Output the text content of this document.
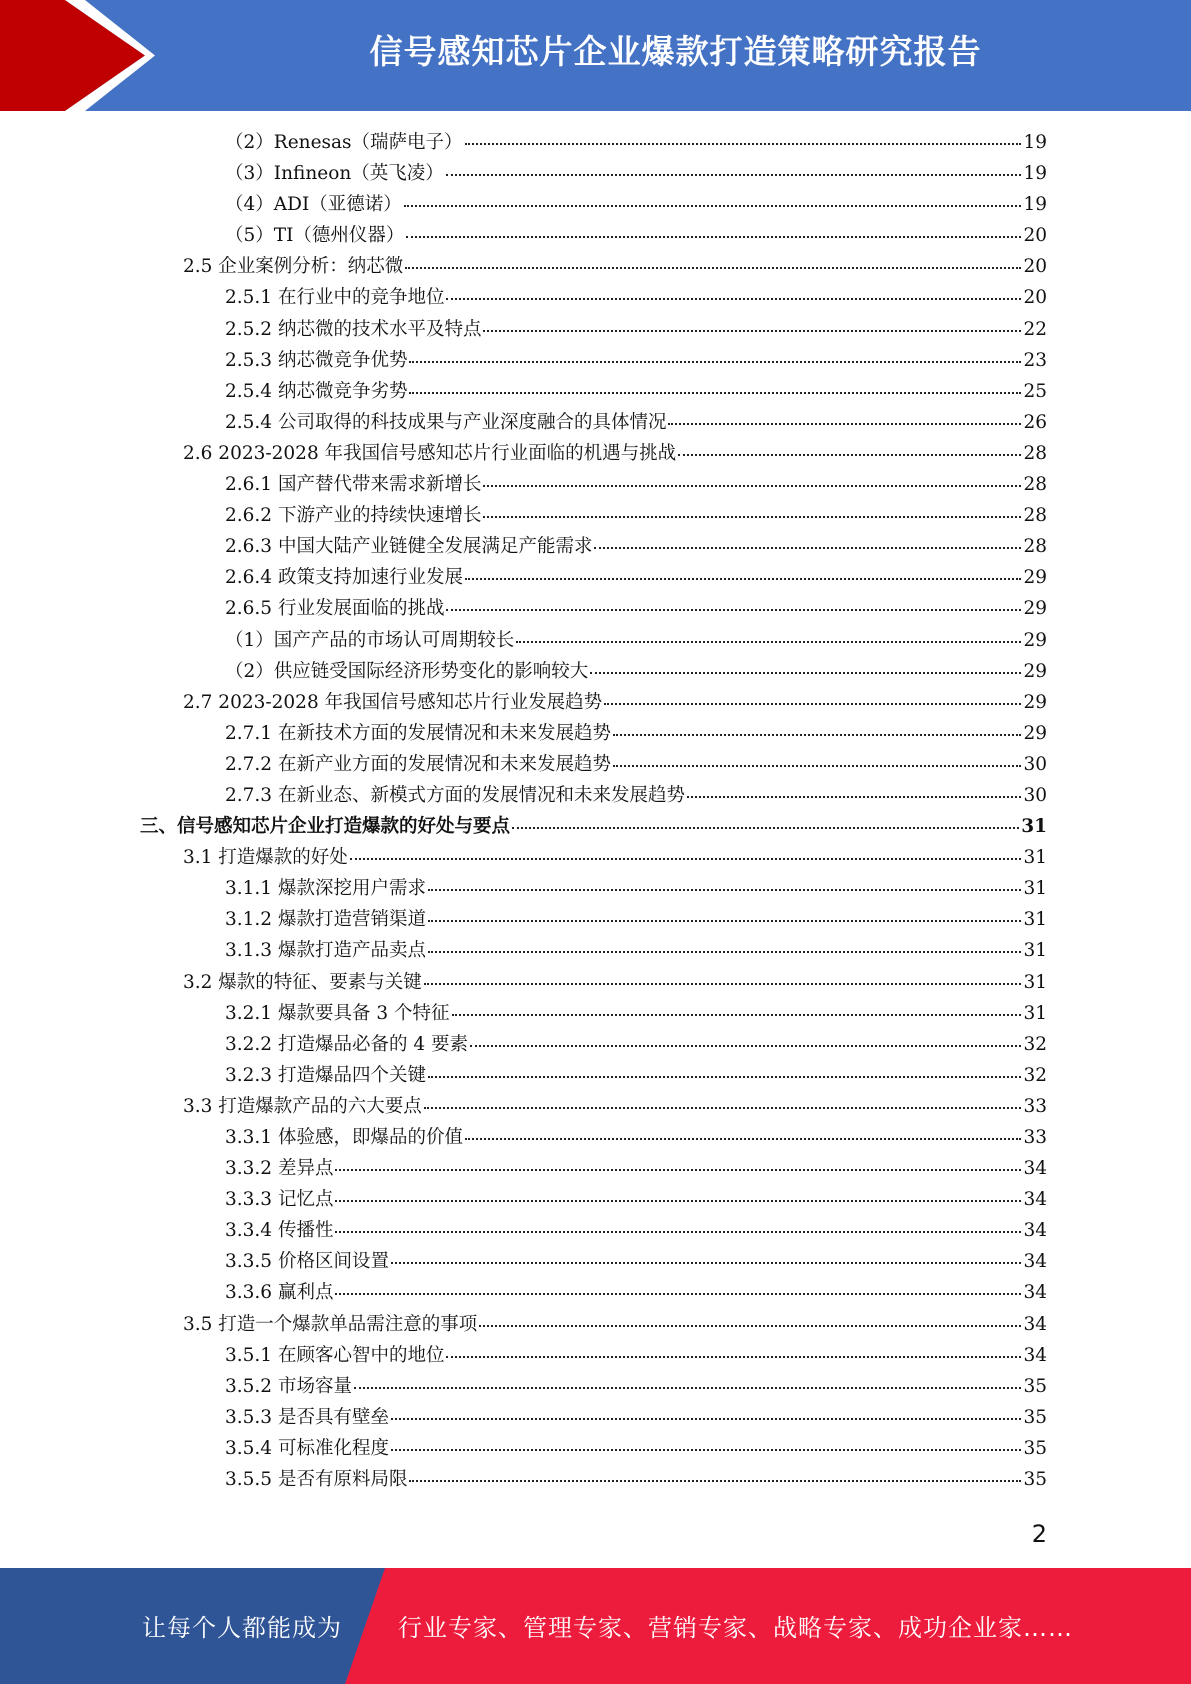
信号感知芯片企业爆款打造策略研究报告
（2）Renesas（瑞萨电子）	19
（3）Infineon（英飞凌）	19
（4）ADI（亚德诺）	19
（5）TI（德州仪器）	20
2.5 企业案例分析：纳芯微	20
2.5.1 在行业中的竞争地位	20
2.5.2 纳芯微的技术水平及特点	22
2.5.3 纳芯微竞争优势	23
2.5.4 纳芯微竞争劣势	25
2.5.4 公司取得的科技成果与产业深度融合的具体情况	26
2.6 2023-2028 年我国信号感知芯片行业面临的机遇与挑战	28
2.6.1 国产替代带来需求新增长	28
2.6.2 下游产业的持续快速增长	28
2.6.3 中国大陆产业链健全发展满足产能需求	28
2.6.4 政策支持加速行业发展	29
2.6.5 行业发展面临的挑战	29
（1）国产产品的市场认可周期较长	29
（2）供应链受国际经济形势变化的影响较大	29
2.7 2023-2028 年我国信号感知芯片行业发展趋势	29
2.7.1 在新技术方面的发展情况和未来发展趋势	29
2.7.2 在新产业方面的发展情况和未来发展趋势	30
2.7.3 在新业态、新模式方面的发展情况和未来发展趋势	30
三、信号感知芯片企业打造爆款的好处与要点	31
3.1 打造爆款的好处	31
3.1.1 爆款深挖用户需求	31
3.1.2 爆款打造营销渠道	31
3.1.3 爆款打造产品卖点	31
3.2 爆款的特征、要素与关键	31
3.2.1 爆款要具备 3 个特征	31
3.2.2 打造爆品必备的 4 要素	32
3.2.3 打造爆品四个关键	32
3.3 打造爆款产品的六大要点	33
3.3.1 体验感，即爆品的价值	33
3.3.2 差异点	34
3.3.3 记忆点	34
3.3.4 传播性	34
3.3.5 价格区间设置	34
3.3.6 赢利点	34
3.5 打造一个爆款单品需注意的事项	34
3.5.1 在顾客心智中的地位	34
3.5.2 市场容量	35
3.5.3 是否具有壁垒	35
3.5.4 可标准化程度	35
3.5.5 是否有原料局限	35
2
让每个人都能成为 行业专家、管理专家、营销专家、战略专家、成功企业家……
